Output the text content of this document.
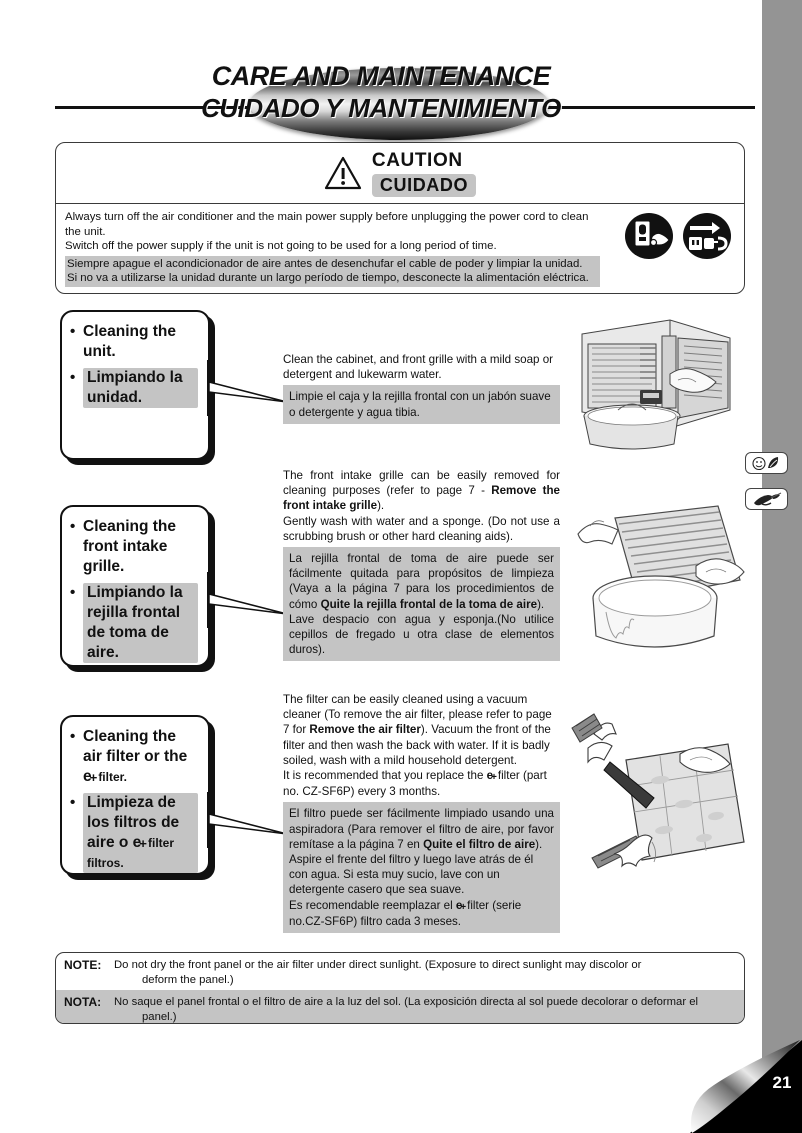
CARE AND MAINTENANCE
CUIDADO Y MANTENIMIENTO
CAUTION
CUIDADO
Always turn off the air conditioner and the main power supply before unplugging the power cord to clean the unit.
Switch off the power supply if the unit is not going to be used for a long period of time.
Siempre apague el acondicionador de aire antes de desenchufar el cable de poder y limpiar la unidad.
Si no va a utilizarse la unidad durante un largo período de tiempo, desconecte la alimentación eléctrica.
• Cleaning the unit.
• Limpiando la unidad.
Clean the cabinet, and front grille with a mild soap or detergent and lukewarm water.
Limpie el caja y la rejilla frontal con un jabón suave o detergente y agua tibia.
• Cleaning the front intake grille.
• Limpiando la rejilla frontal de toma de aire.
The front intake grille can be easily removed for cleaning purposes (refer to page 7 - Remove the front intake grille).
Gently wash with water and a sponge. (Do not use a scrubbing brush or other hard cleaning aids).
La rejilla frontal de toma de aire puede ser fácilmente quitada para propósitos de limpieza (Vaya a la página 7 para los procedimientos de cómo Quite la rejilla frontal de la toma de aire).
Lave despacio con agua y esponja.(No utilice cepillos de fregado u otra clase de elementos duros).
• Cleaning the air filter or the e+filter.
• Limpieza de los filtros de aire o e+filter filtros.
The filter can be easily cleaned using a vacuum cleaner (To remove the air filter, please refer to page 7 for Remove the air filter). Vacuum the front of the filter and then wash the back with water. If it is badly soiled, wash with a mild household detergent.
It is recommended that you replace the e+filter (part no. CZ-SF6P) every 3 months.
El filtro puede ser fácilmente limpiado usando una aspiradora (Para remover el filtro de aire, por favor remítase a la página 7 en Quite el filtro de aire).
Aspire el frente del filtro y luego lave atrás de él con agua. Si esta muy sucio, lave con un detergente casero que sea suave.
Es recomendable reemplazar el e+filter (serie no.CZ-SF6P) filtro cada 3 meses.
NOTE:	Do not dry the front panel or the air filter under direct sunlight. (Exposure to direct sunlight may discolor or
deform the panel.)
NOTA:	No saque el panel frontal o el filtro de aire a la luz del sol. (La exposición directa al sol puede decolorar o deformar el
panel.)
21
